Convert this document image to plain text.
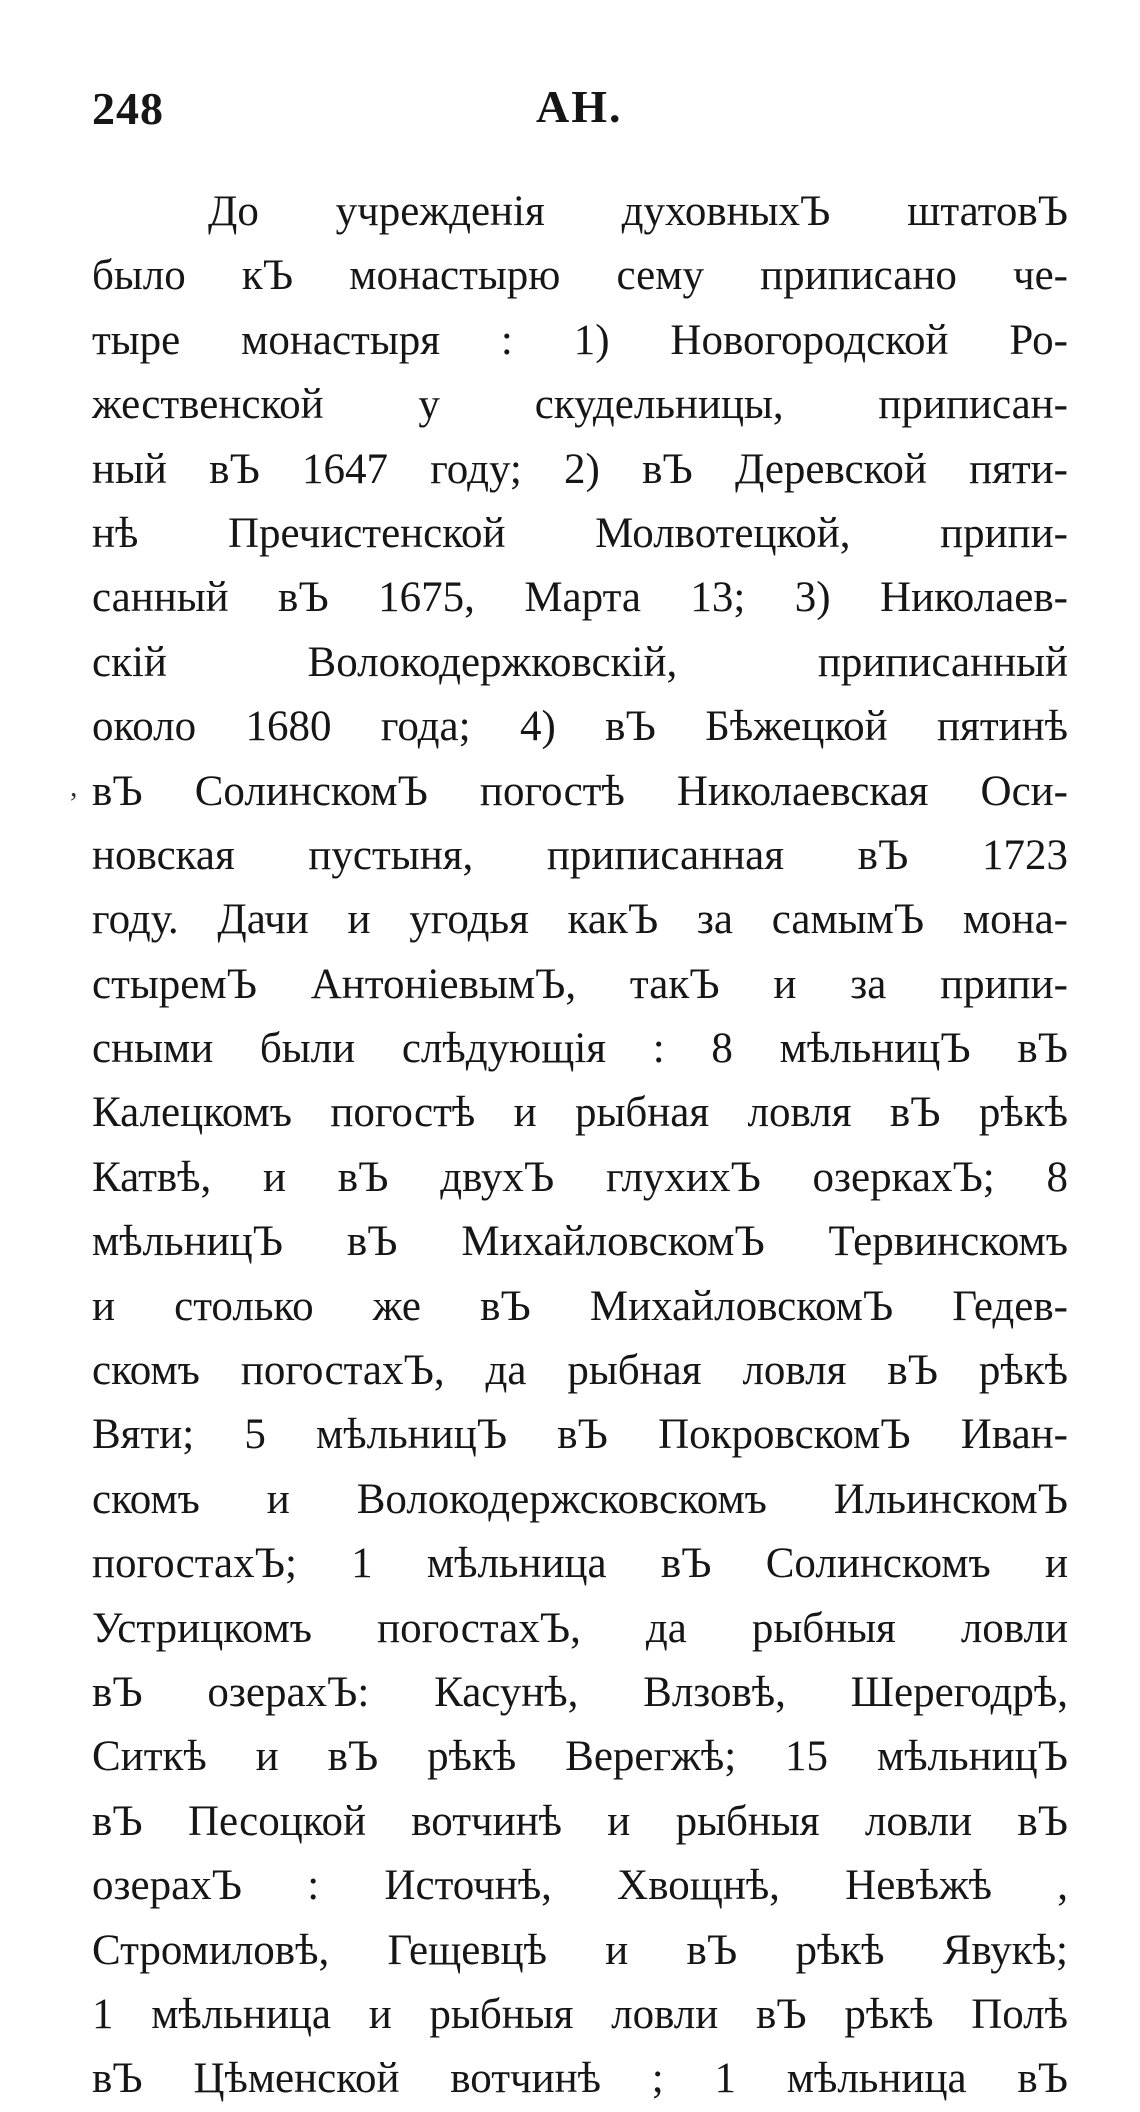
248	АН.
,
До учрежденія духовныхЪ штатовЪ
было кЪ монастырю сему приписано че-
тыре монастыря : 1) Новогородской Ро-
жественской у скудельницы, приписан-
ный вЪ 1647 году; 2) вЪ Деревской пяти-
нѣ Пречистенской Молвотецкой, припи-
санный вЪ 1675, Марта 13; 3) Николаев-
скій Волокодержковскій, приписанный
около 1680 года; 4) вЪ Бѣжецкой пятинѣ
вЪ СолинскомЪ погостѣ Николаевская Оси-
новская пустыня, приписанная вЪ 1723
году. Дачи и угодья какЪ за самымЪ мона-
стыремЪ АнтоніевымЪ, такЪ и за припи-
сными были слѣдующія : 8 мѣльницЪ вЪ
Калецкомъ погостѣ и рыбная ловля вЪ рѣкѣ
Катвѣ, и вЪ двухЪ глухихЪ озеркахЪ; 8
мѣльницЪ вЪ МихайловскомЪ Тервинскомъ
и столько же вЪ МихайловскомЪ Гедев-
скомъ погостахЪ, да рыбная ловля вЪ рѣкѣ
Вяти; 5 мѣльницЪ вЪ ПокровскомЪ Иван-
скомъ и Волокодержсковскомъ ИльинскомЪ
погостахЪ; 1 мѣльница вЪ Солинскомъ и
Устрицкомъ погостахЪ, да рыбныя ловли
вЪ озерахЪ: Касунѣ, Влзовѣ, Шерегодрѣ,
Ситкѣ и вЪ рѣкѣ Верегжѣ; 15 мѣльницЪ
вЪ Песоцкой вотчинѣ и рыбныя ловли вЪ
озерахЪ : Источнѣ, Хвощнѣ, Невѣжѣ ,
Стромиловѣ, Гещевцѣ и вЪ рѣкѣ Явукѣ;
1 мѣльница и рыбныя ловли вЪ рѣкѣ Полѣ
вЪ Цѣменской вотчинѣ ; 1 мѣльница вЪ
